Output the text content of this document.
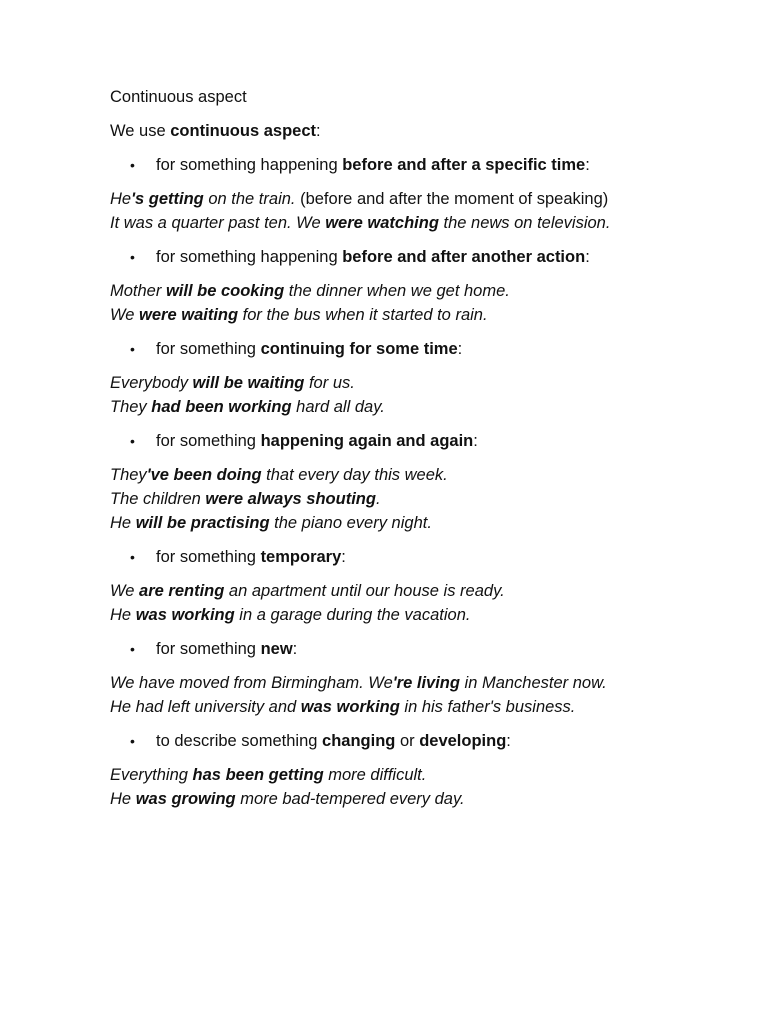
Continuous aspect

We use continuous aspect:

• for something happening before and after a specific time:
He's getting on the train. (before and after the moment of speaking)
It was a quarter past ten. We were watching the news on television.
• for something happening before and after another action:
Mother will be cooking the dinner when we get home.
We were waiting for the bus when it started to rain.
• for something continuing for some time:
Everybody will be waiting for us.
They had been working hard all day.
• for something happening again and again:
They've been doing that every day this week.
The children were always shouting.
He will be practising the piano every night.
• for something temporary:
We are renting an apartment until our house is ready.
He was working in a garage during the vacation.
• for something new:
We have moved from Birmingham. We're living in Manchester now.
He had left university and was working in his father's business.
• to describe something changing or developing:
Everything has been getting more difficult.
He was growing more bad-tempered every day.
